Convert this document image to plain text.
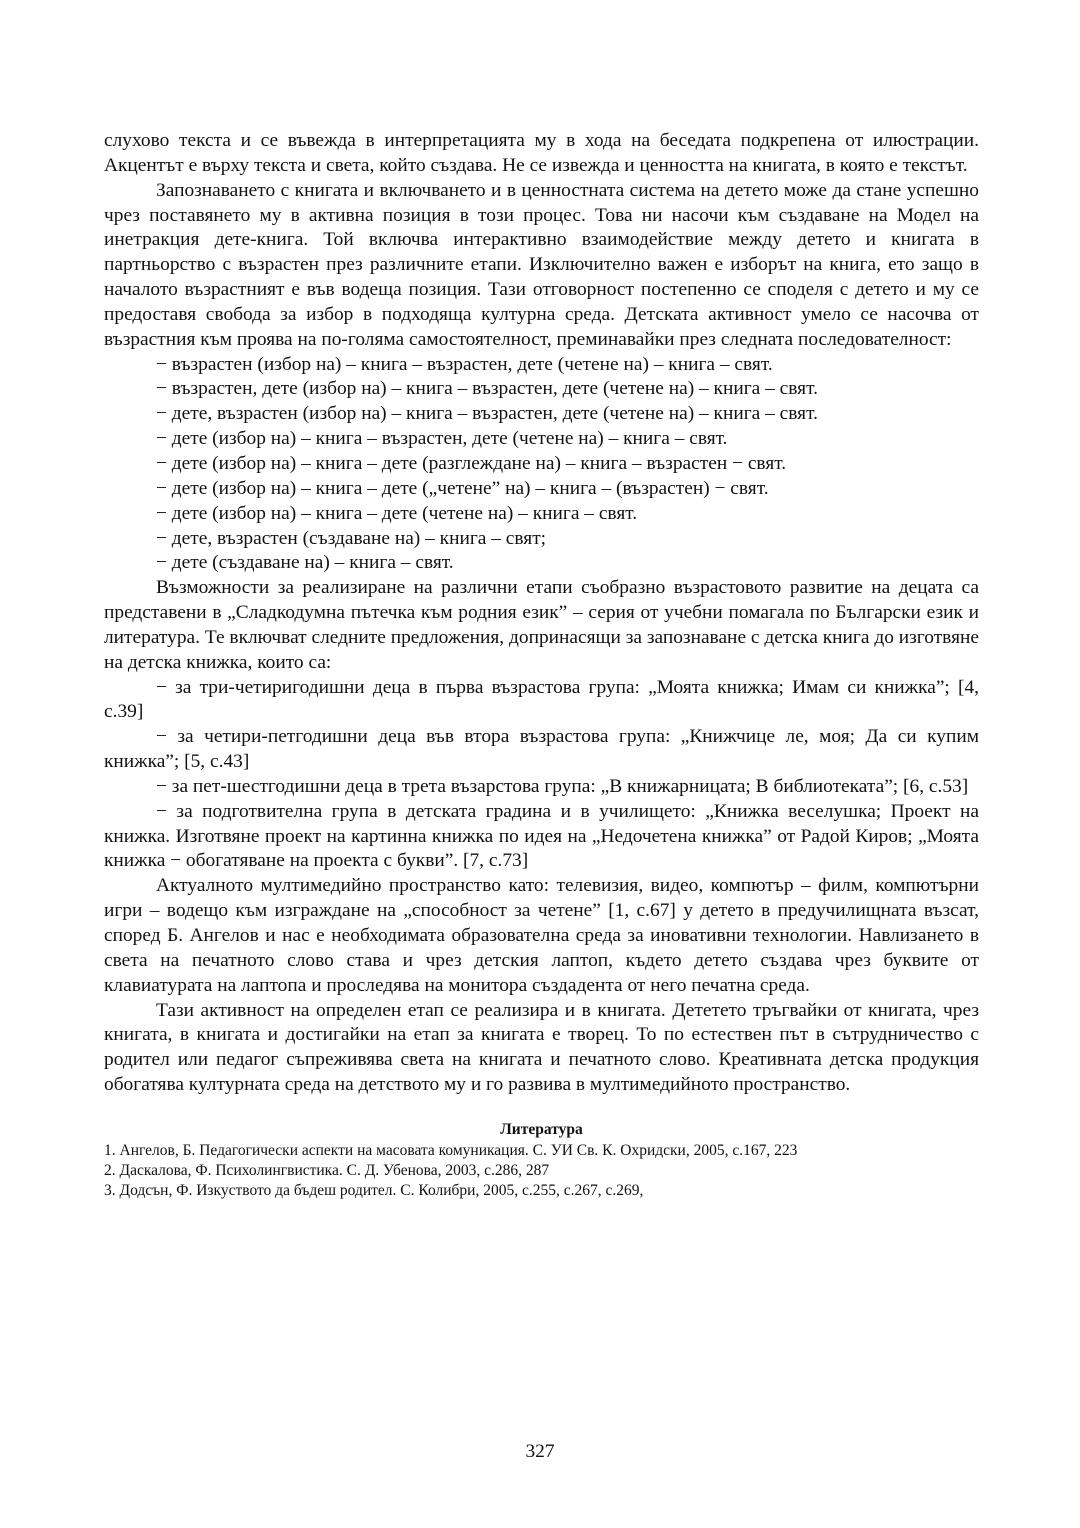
слухово текста и се въвежда в интерпретацията му в хода на беседата подкрепена от илюстрации. Акцентът е върху текста и света, който създава. Не се извежда и ценността на книгата, в която е текстът.

Запознаването с книгата и включването и в ценностната система на детето може да стане успешно чрез поставянето му в активна позиция в този процес. Това ни насочи към създаване на Модел на инетракция дете-книга. Той включва интерактивно взаимодействие между детето и книгата в партньорство с възрастен през различните етапи. Изключително важен е изборът на книга, ето защо в началото възрастният е във водеща позиция. Тази отговорност постепенно се споделя с детето и му се предоставя свобода за избор в подходяща културна среда. Детската активност умело се насочва от възрастния към проява на по-голяма самостоятелност, преминавайки през следната последователност:

− възрастен (избор на) – книга – възрастен, дете (четене на) – книга – свят.

− възрастен, дете (избор на) – книга – възрастен, дете (четене на) – книга – свят.

− дете, възрастен (избор на) – книга – възрастен, дете (четене на) – книга – свят.

− дете (избор на) – книга – възрастен, дете (четене на) – книга – свят.

− дете (избор на) – книга – дете (разглеждане на) – книга – възрастен − свят.

− дете (избор на) – книга – дете („четене” на) – книга – (възрастен) − свят.

− дете (избор на) – книга – дете (четене на) – книга – свят.

− дете, възрастен (създаване на) – книга – свят;

− дете (създаване на) – книга – свят.

Възможности за реализиране на различни етапи съобразно възрастовото развитие на децата са представени в „Сладкодумна пътечка към родния език” – серия от учебни помагала по Български език и литература. Те включват следните предложения, допринасящи за запознаване с детска книга до изготвяне на детска книжка, които са:

− за три-четиригодишни деца в първа възрастова група: „Моята книжка; Имам си книжка”; [4, с.39]

− за четири-петгодишни деца във втора възрастова група: „Книжчице ле, моя; Да си купим книжка”; [5, с.43]

− за пет-шестгодишни деца в трета възарстова група: „В книжарницата; В библиотеката”; [6, с.53]

− за подготвителна група в детската градина и в училището: „Книжка веселушка; Проект на книжка. Изготвяне проект на картинна книжка по идея на „Недочетена книжка” от Радой Киров; „Моята книжка − обогатяване на проекта с букви”. [7, с.73]

Актуалното мултимедийно пространство като: телевизия, видео, компютър – филм, компютърни игри – водещо към изграждане на „способност за четене” [1, с.67] у детето в предучилищната възсат, според Б. Ангелов и нас е необходимата образователна среда за иновативни технологии. Навлизането в света на печатното слово става и чрез детския лаптоп, където детето създава чрез буквите от клавиатурата на лаптопа и проследява на монитора създадента от него печатна среда.

Тази активност на определен етап се реализира и в книгата. Дететето тръгвайки от книгата, чрез книгата, в книгата и достигайки на етап за книгата е творец. То по естествен път в сътрудничество с родител или педагог съпреживява света на книгата и печатното слово. Креативната детска продукция обогатява културната среда на детството му и го развива в мултимедийното пространство.

Литература

1. Ангелов, Б. Педагогически аспекти на масовата комуникация. С. УИ Св. К. Охридски, 2005, с.167, 223

2. Даскалова, Ф. Психолингвистика. С. Д. Убенова, 2003, с.286, 287

3. Додсън, Ф. Изкуството да бъдеш родител. С. Колибри, 2005, с.255, с.267, с.269,

327
